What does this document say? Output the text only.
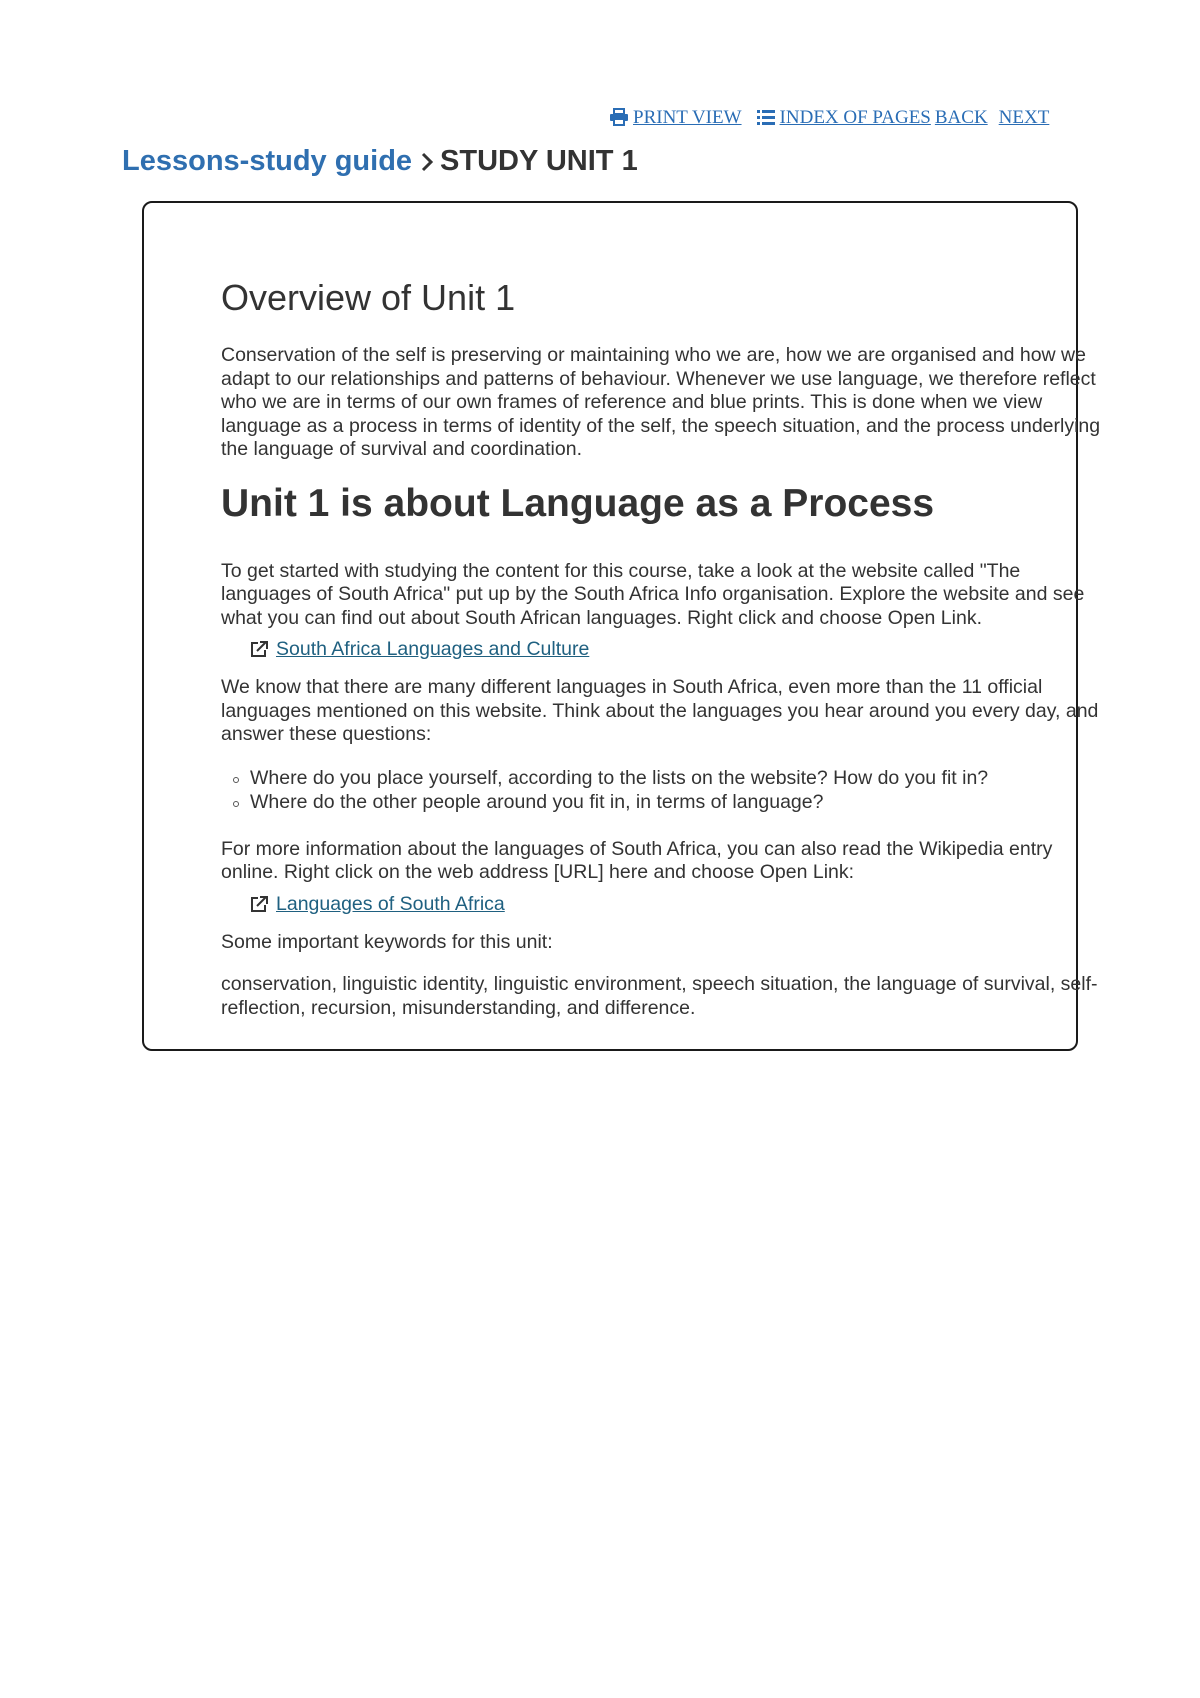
PRINT VIEW INDEX OF PAGES BACK NEXT
Lessons-study guide STUDY UNIT 1
Overview of Unit 1

Conservation of the self is preserving or maintaining who we are, how we are organised and how we adapt to our relationships and patterns of behaviour. Whenever we use language, we therefore reflect who we are in terms of our own frames of reference and blue prints. This is done when we view language as a process in terms of identity of the self, the speech situation, and the process underlying the language of survival and coordination.

Unit 1 is about Language as a Process

To get started with studying the content for this course, take a look at the website called "The languages of South Africa" put up by the South Africa Info organisation. Explore the website and see what you can find out about South African languages. Right click and choose Open Link.

South Africa Languages and Culture

We know that there are many different languages in South Africa, even more than the 11 official languages mentioned on this website. Think about the languages you hear around you every day, and answer these questions:

Where do you place yourself, according to the lists on the website? How do you fit in?
Where do the other people around you fit in, in terms of language?

For more information about the languages of South Africa, you can also read the Wikipedia entry online. Right click on the web address [URL] here and choose Open Link:

Languages of South Africa

Some important keywords for this unit:

conservation, linguistic identity, linguistic environment, speech situation, the language of survival, self-reflection, recursion, misunderstanding, and difference.
